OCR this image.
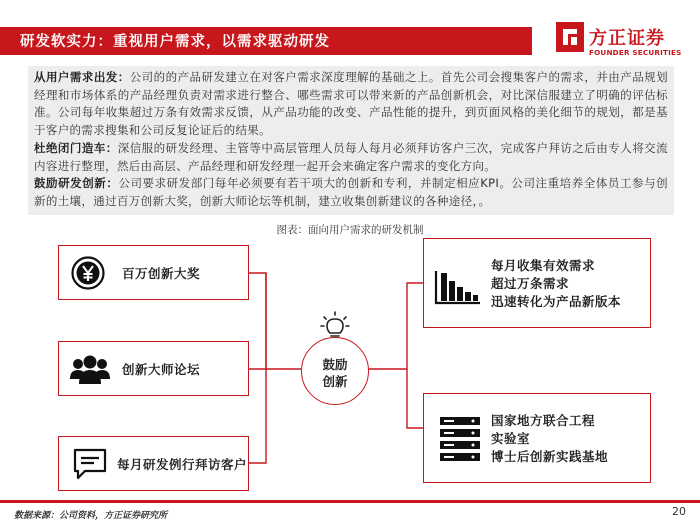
研发软实力：重视用户需求，以需求驱动研发	方正证券
FOUNDER SECURITIES

从用户需求出发：公司的的产品研发建立在对客户需求深度理解的基础之上。首先公司会搜集客户的需求，并由产品规划经理和市场体系的产品经理负责对需求进行整合、哪些需求可以带来新的产品创新机会，对比深信服建立了明确的评估标准。公司每年收集超过万条有效需求反馈，从产品功能的改变、产品性能的提升，到页面风格的美化细节的规划，都是基于客户的需求搜集和公司反复论证后的结果。

杜绝闭门造车：深信服的研发经理、主管等中高层管理人员每人每月必须拜访客户三次，完成客户拜访之后由专人将交流内容进行整理，然后由高层、产品经理和研发经理一起开会来确定客户需求的变化方向。

鼓励研发创新：公司要求研发部门每年必须要有若干项大的创新和专利，并制定相应KPI。公司注重培养全体员工参与创新的土壤，通过百万创新大奖，创新大师论坛等机制，建立收集创新建议的各种途径，。

图表：面向用户需求的研发机制
百万创新大奖
创新大师论坛
每月研发例行拜访客户
鼓励
创新
每月收集有效需求
超过万条需求
迅速转化为产品新版本
国家地方联合工程
实验室
博士后创新实践基地
数据来源：公司资料，方正证券研究所	20
